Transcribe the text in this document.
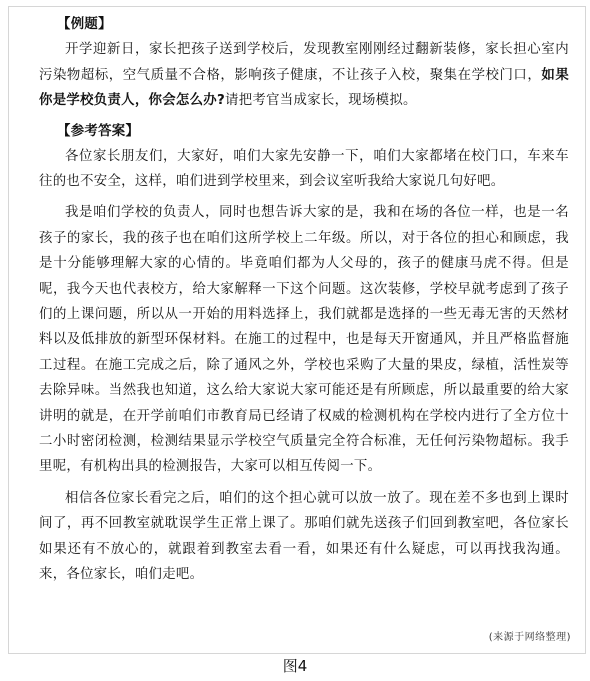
【例题】

开学迎新日，家长把孩子送到学校后，发现教室刚刚经过翻新装修，家长担心室内污染物超标，空气质量不合格，影响孩子健康，不让孩子入校，聚集在学校门口，如果你是学校负责人，你会怎么办?请把考官当成家长，现场模拟。

【参考答案】

各位家长朋友们，大家好，咱们大家先安静一下，咱们大家都堵在校门口，车来车往的也不安全，这样，咱们进到学校里来，到会议室听我给大家说几句好吧。

我是咱们学校的负责人，同时也想告诉大家的是，我和在场的各位一样，也是一名孩子的家长，我的孩子也在咱们这所学校上二年级。所以，对于各位的担心和顾虑，我是十分能够理解大家的心情的。毕竟咱们都为人父母的，孩子的健康马虎不得。但是呢，我今天也代表校方，给大家解释一下这个问题。这次装修，学校早就考虑到了孩子们的上课问题，所以从一开始的用料选择上，我们就都是选择的一些无毒无害的天然材料以及低排放的新型环保材料。在施工的过程中，也是每天开窗通风，并且严格监督施工过程。在施工完成之后，除了通风之外，学校也采购了大量的果皮，绿植，活性炭等去除异味。当然我也知道，这么给大家说大家可能还是有所顾虑，所以最重要的给大家讲明的就是，在开学前咱们市教育局已经请了权威的检测机构在学校内进行了全方位十二小时密闭检测，检测结果显示学校空气质量完全符合标准，无任何污染物超标。我手里呢，有机构出具的检测报告，大家可以相互传阅一下。

相信各位家长看完之后，咱们的这个担心就可以放一放了。现在差不多也到上课时间了，再不回教室就耽误学生正常上课了。那咱们就先送孩子们回到教室吧，各位家长如果还有不放心的，就跟着到教室去看一看，如果还有什么疑虑，可以再找我沟通。来，各位家长，咱们走吧。

(来源于网络整理)
图4
